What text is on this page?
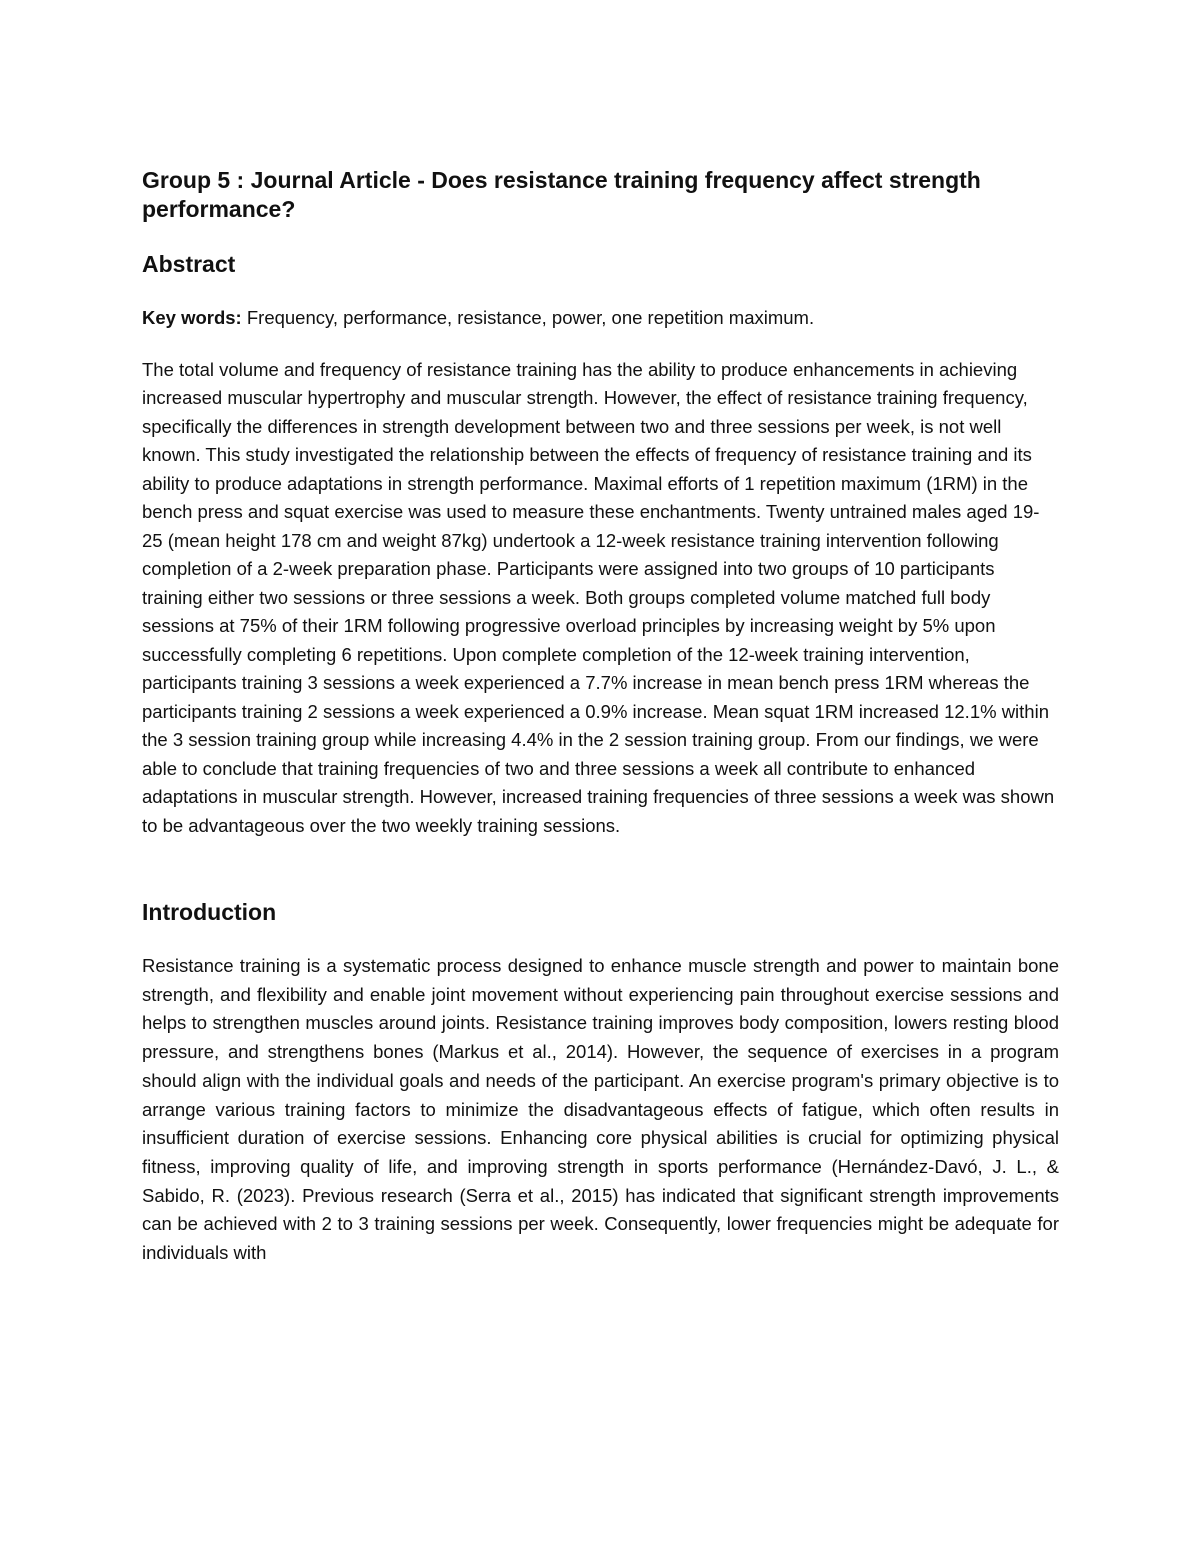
Group 5 : Journal Article - Does resistance training frequency affect strength performance?
Abstract

Key words: Frequency, performance, resistance, power, one repetition maximum.

The total volume and frequency of resistance training has the ability to produce enhancements in achieving increased muscular hypertrophy and muscular strength. However, the effect of resistance training frequency, specifically the differences in strength development between two and three sessions per week, is not well known. This study investigated the relationship between the effects of frequency of resistance training and its ability to produce adaptations in strength performance. Maximal efforts of 1 repetition maximum (1RM) in the bench press and squat exercise was used to measure these enchantments. Twenty untrained males aged 19-25 (mean height 178 cm and weight 87kg) undertook a 12-week resistance training intervention following completion of a 2-week preparation phase. Participants were assigned into two groups of 10 participants training either two sessions or three sessions a week. Both groups completed volume matched full body sessions at 75% of their 1RM following progressive overload principles by increasing weight by 5% upon successfully completing 6 repetitions. Upon complete completion of the 12-week training intervention, participants training 3 sessions a week experienced a 7.7% increase in mean bench press 1RM whereas the participants training 2 sessions a week experienced a 0.9% increase. Mean squat 1RM increased 12.1% within the 3 session training group while increasing 4.4% in the 2 session training group. From our findings, we were able to conclude that training frequencies of two and three sessions a week all contribute to enhanced adaptations in muscular strength. However, increased training frequencies of three sessions a week was shown to be advantageous over the two weekly training sessions.

Introduction

Resistance training is a systematic process designed to enhance muscle strength and power to maintain bone strength, and flexibility and enable joint movement without experiencing pain throughout exercise sessions and helps to strengthen muscles around joints. Resistance training improves body composition, lowers resting blood pressure, and strengthens bones (Markus et al., 2014). However, the sequence of exercises in a program should align with the individual goals and needs of the participant. An exercise program's primary objective is to arrange various training factors to minimize the disadvantageous effects of fatigue, which often results in insufficient duration of exercise sessions. Enhancing core physical abilities is crucial for optimizing physical fitness, improving quality of life, and improving strength in sports performance (Hernández-Davó, J. L., & Sabido, R. (2023). Previous research (Serra et al., 2015) has indicated that significant strength improvements can be achieved with 2 to 3 training sessions per week. Consequently, lower frequencies might be adequate for individuals with
